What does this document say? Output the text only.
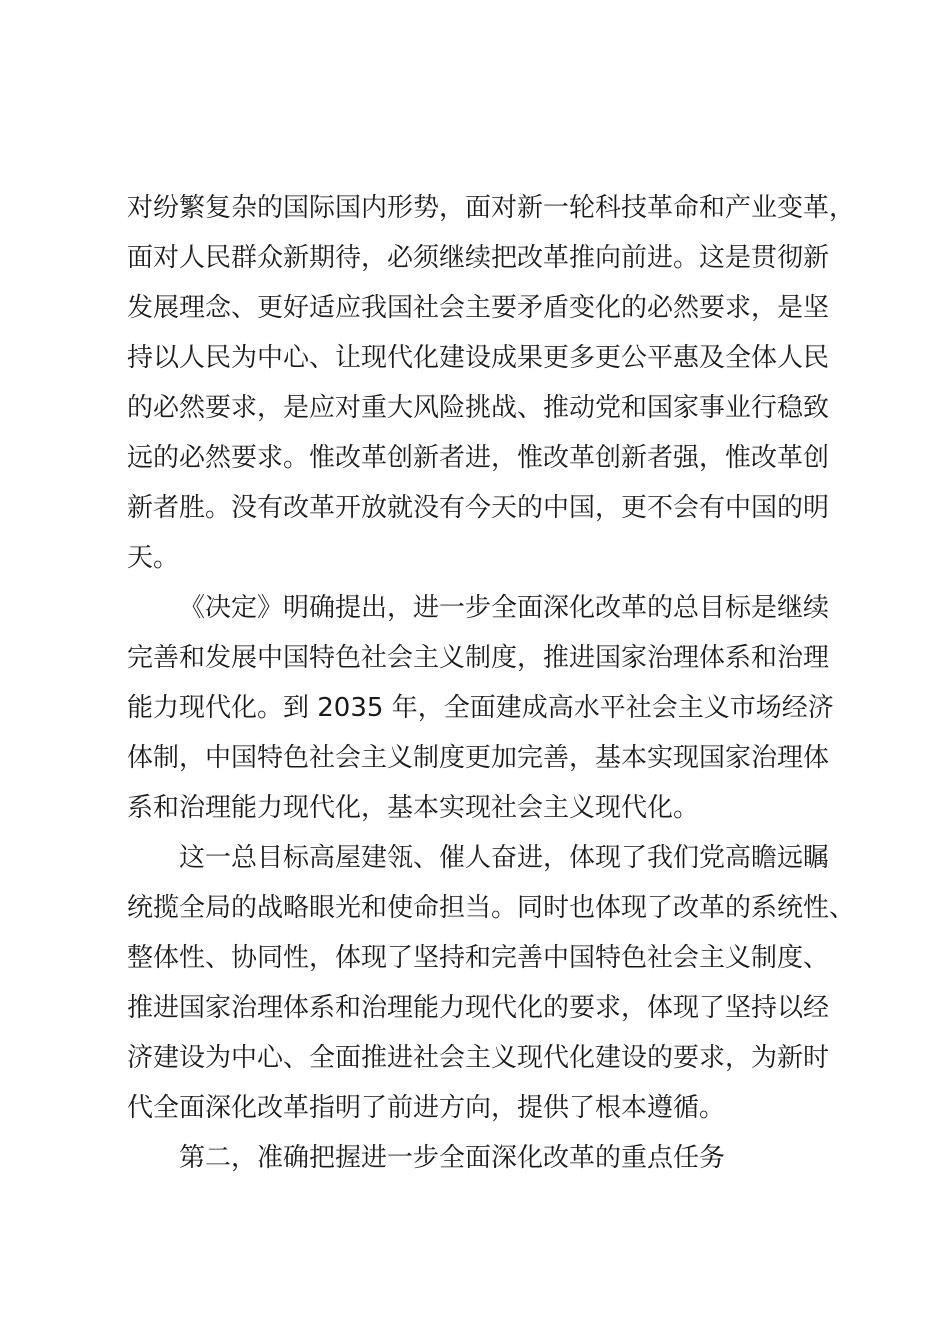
对纷繁复杂的国际国内形势，面对新一轮科技革命和产业变革，
面对人民群众新期待，必须继续把改革推向前进。这是贯彻新
发展理念、更好适应我国社会主要矛盾变化的必然要求，是坚
持以人民为中心、让现代化建设成果更多更公平惠及全体人民
的必然要求，是应对重大风险挑战、推动党和国家事业行稳致
远的必然要求。惟改革创新者进，惟改革创新者强，惟改革创
新者胜。没有改革开放就没有今天的中国，更不会有中国的明
天。
《决定》明确提出，进一步全面深化改革的总目标是继续
完善和发展中国特色社会主义制度，推进国家治理体系和治理
能力现代化。到 2035 年，全面建成高水平社会主义市场经济
体制，中国特色社会主义制度更加完善，基本实现国家治理体
系和治理能力现代化，基本实现社会主义现代化。
这一总目标高屋建瓴、催人奋进，体现了我们党高瞻远瞩
统揽全局的战略眼光和使命担当。同时也体现了改革的系统性、
整体性、协同性，体现了坚持和完善中国特色社会主义制度、
推进国家治理体系和治理能力现代化的要求，体现了坚持以经
济建设为中心、全面推进社会主义现代化建设的要求，为新时
代全面深化改革指明了前进方向，提供了根本遵循。
第二，准确把握进一步全面深化改革的重点任务
